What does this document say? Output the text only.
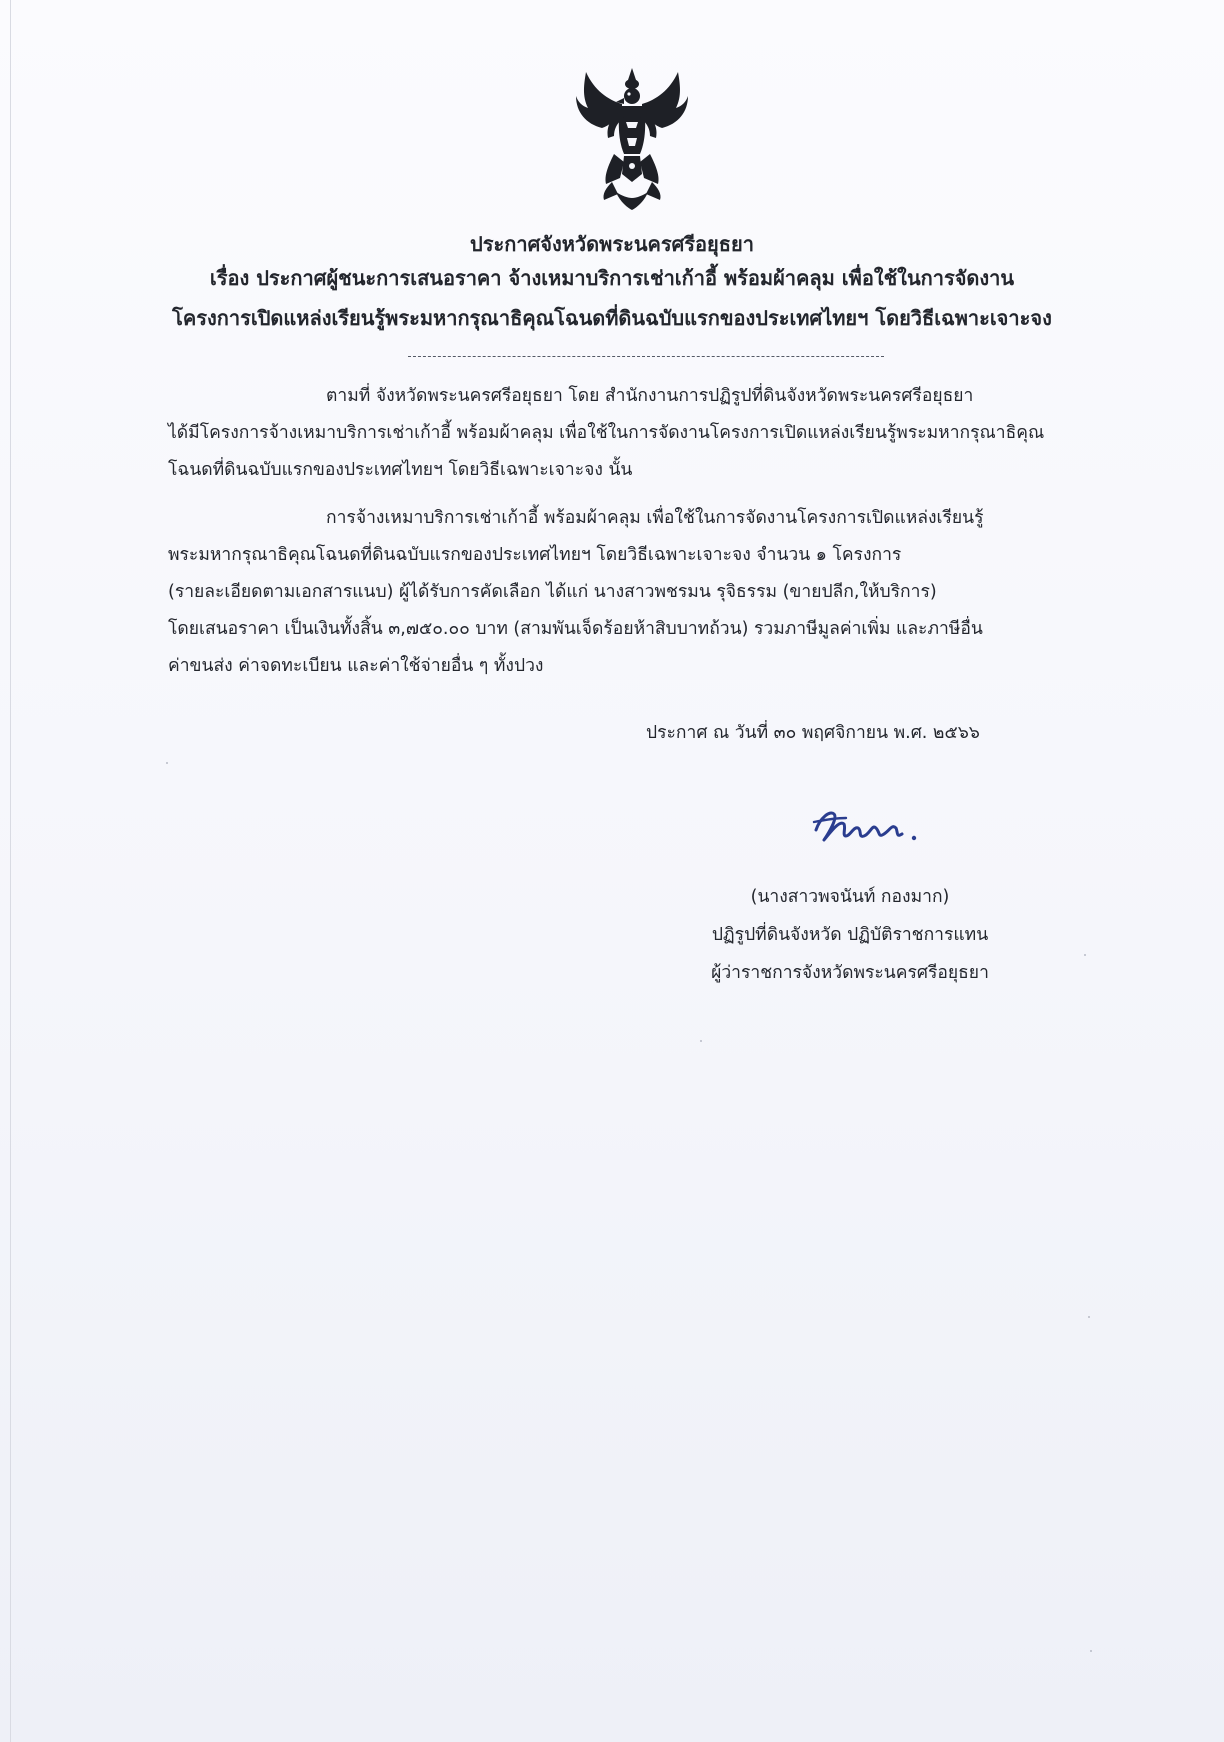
ประกาศจังหวัดพระนครศรีอยุธยา
เรื่อง ประกาศผู้ชนะการเสนอราคา จ้างเหมาบริการเช่าเก้าอี้ พร้อมผ้าคลุม เพื่อใช้ในการจัดงาน
โครงการเปิดแหล่งเรียนรู้พระมหากรุณาธิคุณโฉนดที่ดินฉบับแรกของประเทศไทยฯ โดยวิธีเฉพาะเจาะจง
ตามที่ จังหวัดพระนครศรีอยุธยา โดย สำนักงานการปฏิรูปที่ดินจังหวัดพระนครศรีอยุธยา
ได้มีโครงการจ้างเหมาบริการเช่าเก้าอี้ พร้อมผ้าคลุม เพื่อใช้ในการจัดงานโครงการเปิดแหล่งเรียนรู้พระมหากรุณาธิคุณ
โฉนดที่ดินฉบับแรกของประเทศไทยฯ โดยวิธีเฉพาะเจาะจง นั้น
การจ้างเหมาบริการเช่าเก้าอี้ พร้อมผ้าคลุม เพื่อใช้ในการจัดงานโครงการเปิดแหล่งเรียนรู้
พระมหากรุณาธิคุณโฉนดที่ดินฉบับแรกของประเทศไทยฯ โดยวิธีเฉพาะเจาะจง จำนวน ๑ โครงการ
(รายละเอียดตามเอกสารแนบ) ผู้ได้รับการคัดเลือก ได้แก่ นางสาวพชรมน รุจิธรรม (ขายปลีก,ให้บริการ)
โดยเสนอราคา เป็นเงินทั้งสิ้น ๓,๗๕๐.๐๐ บาท (สามพันเจ็ดร้อยห้าสิบบาทถ้วน) รวมภาษีมูลค่าเพิ่ม และภาษีอื่น
ค่าขนส่ง ค่าจดทะเบียน และค่าใช้จ่ายอื่น ๆ ทั้งปวง
ประกาศ ณ วันที่ ๓๐ พฤศจิกายน พ.ศ. ๒๕๖๖
(นางสาวพจนันท์ กองมาก)
ปฏิรูปที่ดินจังหวัด ปฏิบัติราชการแทน
ผู้ว่าราชการจังหวัดพระนครศรีอยุธยา
